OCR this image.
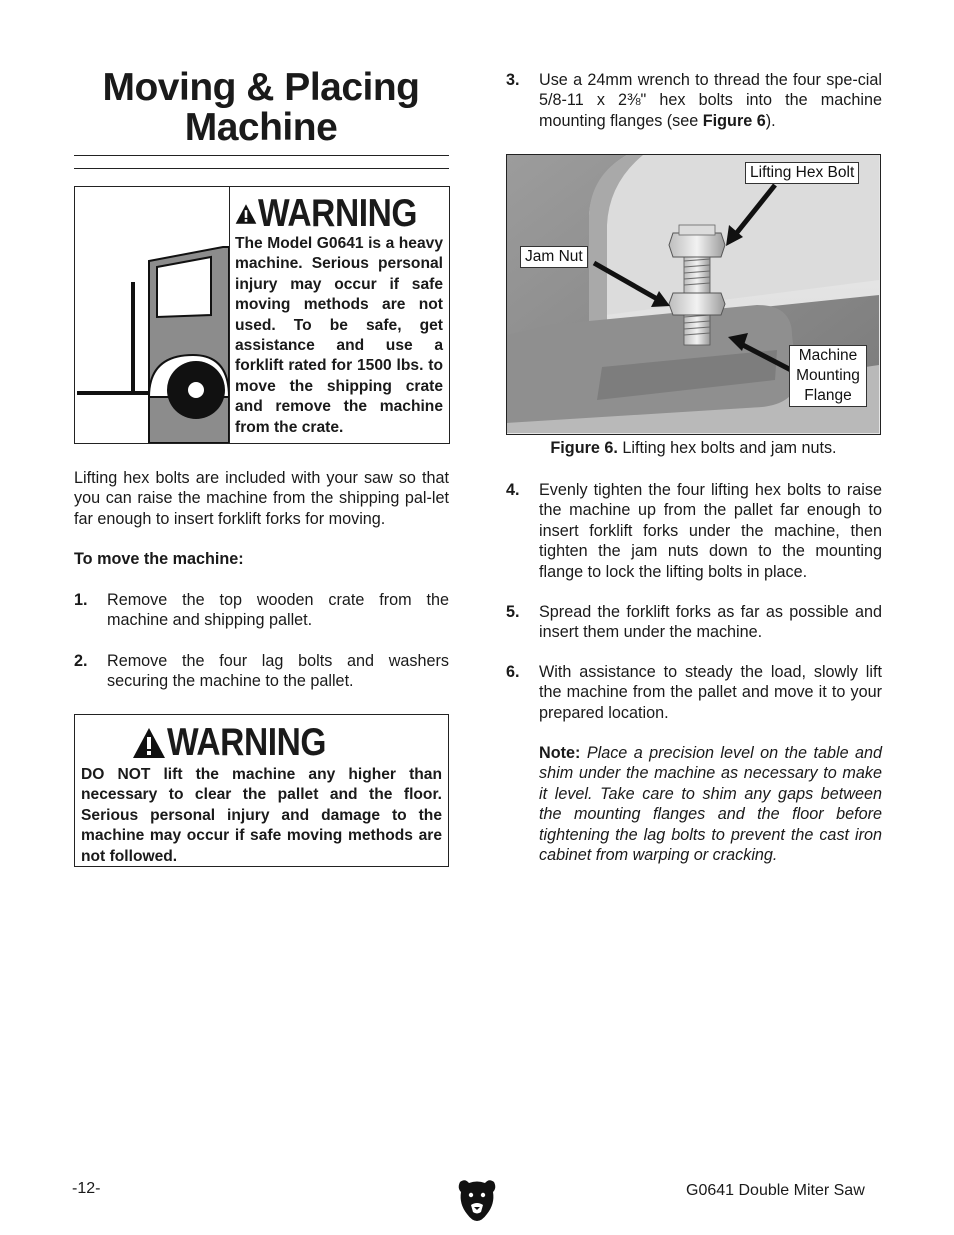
Moving & Placing Machine
WARNING
The Model G0641 is a heavy machine. Serious personal injury may occur if safe moving methods are not used. To be safe, get assistance and use a forklift rated for 1500 lbs. to move the shipping crate and remove the machine from the crate.
Lifting hex bolts are included with your saw so that you can raise the machine from the shipping pal-let far enough to insert forklift forks for moving.
To move the machine:
1. Remove the top wooden crate from the machine and shipping pallet.
2. Remove the four lag bolts and washers securing the machine to the pallet.
WARNING
DO NOT lift the machine any higher than necessary to clear the pallet and the floor. Serious personal injury and damage to the machine may occur if safe moving methods are not followed.
3. Use a 24mm wrench to thread the four spe-cial 5/8-11 x 2⅜" hex bolts into the machine mounting flanges (see Figure 6).
Lifting Hex Bolt
Jam Nut
Machine
Mounting
Flange
Figure 6. Lifting hex bolts and jam nuts.
4. Evenly tighten the four lifting hex bolts to raise the machine up from the pallet far enough to insert forklift forks under the machine, then tighten the jam nuts down to the mounting flange to lock the lifting bolts in place.
5. Spread the forklift forks as far as possible and insert them under the machine.
6. With assistance to steady the load, slowly lift the machine from the pallet and move it to your prepared location.
Note: Place a precision level on the table and shim under the machine as necessary to make it level. Take care to shim any gaps between the mounting flanges and the floor before tightening the lag bolts to prevent the cast iron cabinet from warping or cracking.
-12-	G0641 Double Miter Saw
